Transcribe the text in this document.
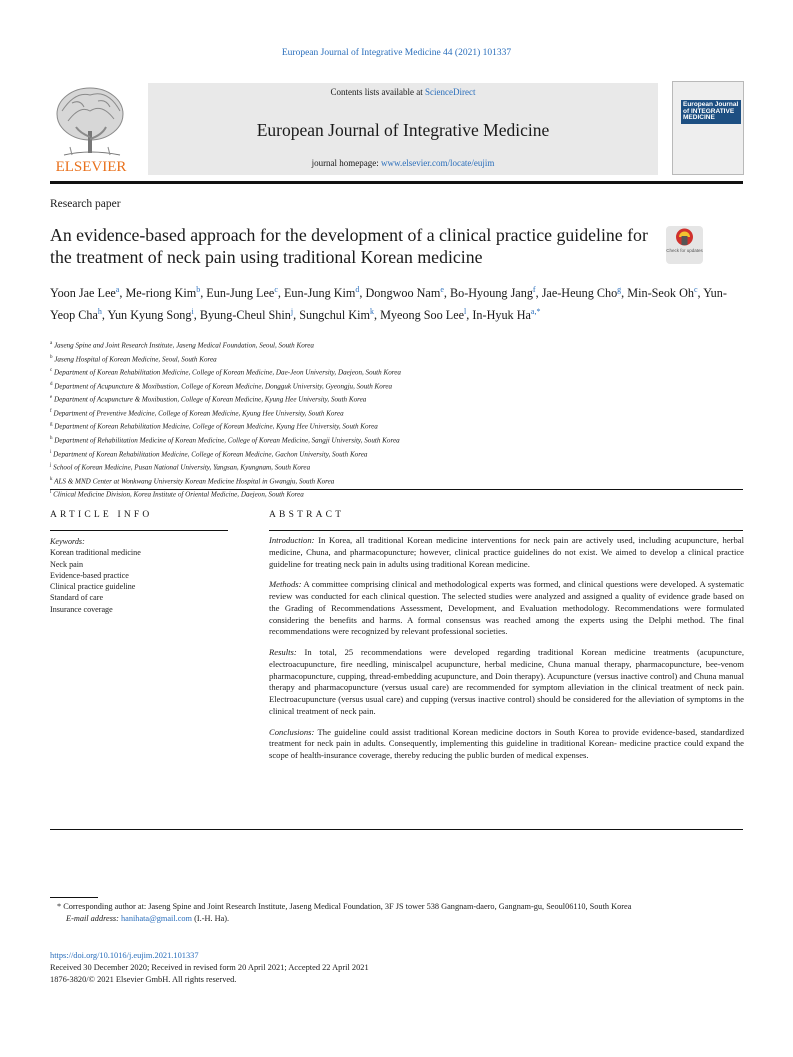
European Journal of Integrative Medicine 44 (2021) 101337
ELSEVIER
Contents lists available at ScienceDirect
European Journal of Integrative Medicine
journal homepage: www.elsevier.com/locate/eujim
European Journal of INTEGRATIVE MEDICINE
Research paper
An evidence-based approach for the development of a clinical practice guideline for the treatment of neck pain using traditional Korean medicine	Check for updates
Yoon Jae Lee$^a$, Me-riong Kim$^b$, Eun-Jung Lee$^c$, Eun-Jung Kim$^d$, Dongwoo Nam$^e$, Bo-Hyoung Jang$^f$, Jae-Heung Cho$^g$, Min-Seok Oh$^c$, Yun-Yeop Cha$^h$, Yun Kyung Song$^i$, Byung-Cheul Shin$^j$, Sungchul Kim$^k$, Myeong Soo Lee$^l$, In-Hyuk $Ha^{a,*}$
$^a$ Jaseng Spine and Joint Research Institute, Jaseng Medical Foundation, Seoul, South Korea
$^b$ Jaseng Hospital of Korean Medicine, Seoul, South Korea
$^c$ Department of Korean Rehabilitation Medicine, College of Korean Medicine, Dae-Jeon University, Daejeon, South Korea
$^d$ Department of Acupuncture & Moxibustion, College of Korean Medicine, Dongguk University, Gyeongju, South Korea
$^e$ Department of Acupuncture & Moxibustion, College of Korean Medicine, Kyung Hee University, South Korea
$^f$ Department of Preventive Medicine, College of Korean Medicine, Kyung Hee University, South Korea
$^g$ Department of Korean Rehabilitation Medicine, College of Korean Medicine, Kyung Hee University, South Korea
$^h$ Department of Rehabilitation Medicine of Korean Medicine, College of Korean Medicine, Sangji University, South Korea
$^i$ Department of Korean Rehabilitation Medicine, College of Korean Medicine, Gachon University, South Korea
$^j$ School of Korean Medicine, Pusan National University, Yangsan, Kyungnam, South Korea
$^k$ ALS & MND Center at Wonkwang University Korean Medicine Hospital in Gwangju, South Korea
$^l$ Clinical Medicine Division, Korea Institute of Oriental Medicine, Daejeon, South Korea
ARTICLE INFO	ABSTRACT
Keywords:
Korean traditional medicine
Neck pain
Evidence-based practice
Clinical practice guideline
Standard of care
Insurance coverage

Introduction: In Korea, all traditional Korean medicine interventions for neck pain are actively used, including acupuncture, herbal medicine, Chuna, and pharmacopuncture; however, clinical practice guidelines do not exist. We aimed to develop a clinical practice guideline for treating neck pain in adults using traditional Korean medicine.

Methods: A committee comprising clinical and methodological experts was formed, and clinical questions were developed. A systematic review was conducted for each clinical question. The selected studies were analyzed and assigned a quality of evidence grade based on the Grading of Recommendations Assessment, Development, and Evaluation methodology. Recommendations were formulated considering the benefits and harms. A formal consensus was reached among the experts using the Delphi method. The final recommendations were recognized by relevant professional societies.

Results: In total, 25 recommendations were developed regarding traditional Korean medicine treatments (acupuncture, electroacupuncture, fire needling, miniscalpel acupuncture, herbal medicine, Chuna manual therapy, pharmacopuncture, bee-venom pharmacopuncture, cupping, thread-embedding acupuncture, and Doin therapy). Acupuncture (versus inactive control) and Chuna manual therapy and pharmacopuncture (versus usual care) are recommended for symptom alleviation in the clinical treatment of neck pain. Electroacupuncture (versus usual care) and cupping (versus inactive control) should be considered for the alleviation of symptoms in the clinical treatment of neck pain.

Conclusions: The guideline could assist traditional Korean medicine doctors in South Korea to provide evidence-based, standardized treatment for neck pain in adults. Consequently, implementing this guideline in traditional Korean- medicine practice could expand the scope of health-insurance coverage, thereby reducing the public burden of medical expenses.

* Corresponding author at: Jaseng Spine and Joint Research Institute, Jaseng Medical Foundation, 3F JS tower 538 Gangnam-daero, Gangnam-gu, Seoul06110, South Korea
E-mail address: hanihata@gmail.com (I.-H. Ha).
https://doi.org/10.1016/j.eujim.2021.101337
Received 30 December 2020; Received in revised form 20 April 2021; Accepted 22 April 2021
1876-3820/© 2021 Elsevier GmbH. All rights reserved.
